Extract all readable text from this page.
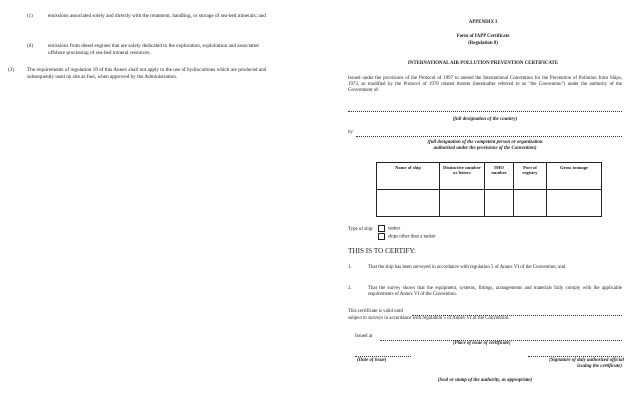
(c)	emissions associated solely and directly with the treatment, handling, or storage of sea-bed minerals; and
(d)	emissions from diesel engines that are solely dedicated to the exploration, exploitation and associated offshore processing of sea-bed mineral resources.
(3) The requirements of regulation 18 of this Annex shall not apply to the use of hydrocarbons which are produced and subsequently used on site as fuel, when approved by the Administration.
APPENDIX I
Form of IAPP Certificate
(Regulation 8)
INTERNATIONAL AIR POLLUTION PREVENTION CERTIFICATE
Issued under the provisions of the Protocol of 1997 to amend the International Convention for the Prevention of Pollution from Ships, 1973, as modified by the Protocol of 1978 related thereto (hereinafter referred to as "the Convention") under the authority of the Government of:
(full designation of the country)
by
(full designation of the competent person or organization
authorized under the provisions of the Convention)
Name of ship	Distinctive number or letters	IMO number	Port of registry	Gross tonnage

Type of ship:	tanker
ships other than a tanker
THIS IS TO CERTIFY:
1.	That the ship has been surveyed in accordance with regulation 5 of Annex VI of the Convention; and
2.	That the survey shows that the equipment, systems, fittings, arrangements and materials fully comply with the applicable requirements of Annex VI of the Convention.
This certificate is valid until
subject to surveys in accordance with regulation 5 of Annex VI of the Convention.
Issued at
(Place of issue of certificate)
(Date of issue)	(Signature of duly authorized official
issuing the certificate)
(Seal or stamp of the authority, as appropriate)
